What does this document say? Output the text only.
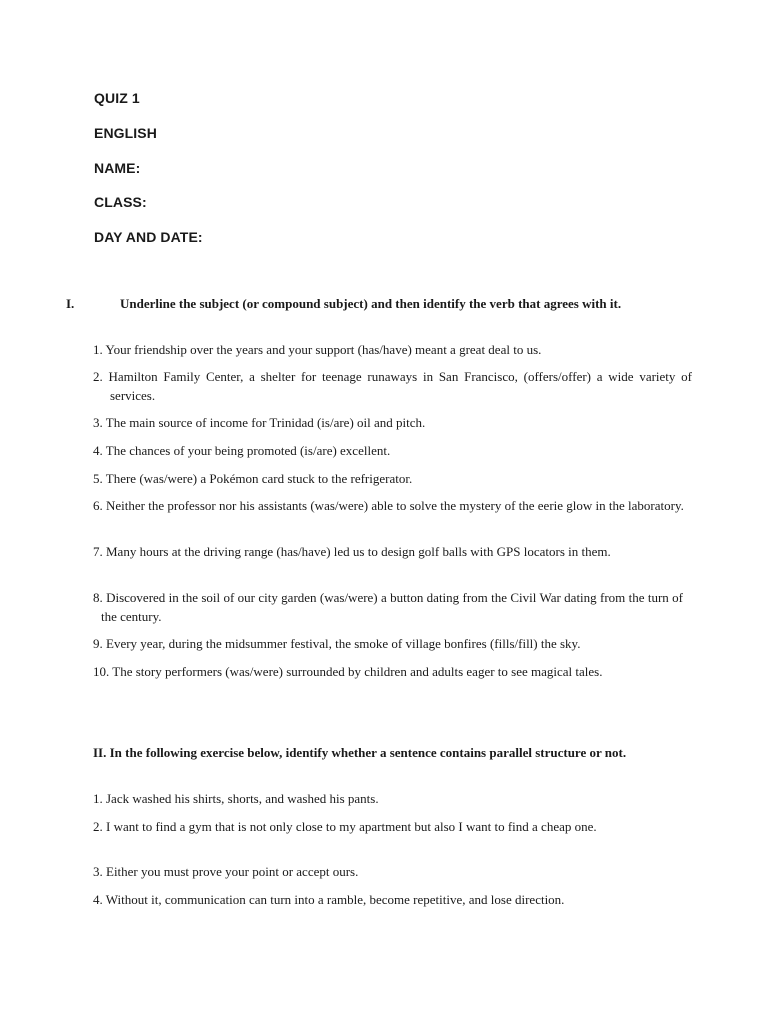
QUIZ 1
ENGLISH
NAME:
CLASS:
DAY AND DATE:
I.	Underline the subject (or compound subject) and then identify the verb that agrees with it.
1. Your friendship over the years and your support (has/have) meant a great deal to us.
2. Hamilton Family Center, a shelter for teenage runaways in San Francisco, (offers/offer) a wide variety of services.
3. The main source of income for Trinidad (is/are) oil and pitch.
4. The chances of your being promoted (is/are) excellent.
5. There (was/were) a Pokémon card stuck to the refrigerator.
6. Neither the professor nor his assistants (was/were) able to solve the mystery of the eerie glow in the laboratory.
7. Many hours at the driving range (has/have) led us to design golf balls with GPS locators in them.
8. Discovered in the soil of our city garden (was/were) a button dating from the Civil War dating from the turn of the century.
9. Every year, during the midsummer festival, the smoke of village bonfires (fills/fill) the sky.
10. The story performers (was/were) surrounded by children and adults eager to see magical tales.
II. In the following exercise below, identify whether a sentence contains parallel structure or not.
1. Jack washed his shirts, shorts, and washed his pants.
2. I want to find a gym that is not only close to my apartment but also I want to find a cheap one.
3. Either you must prove your point or accept ours.
4. Without it, communication can turn into a ramble, become repetitive, and lose direction.
